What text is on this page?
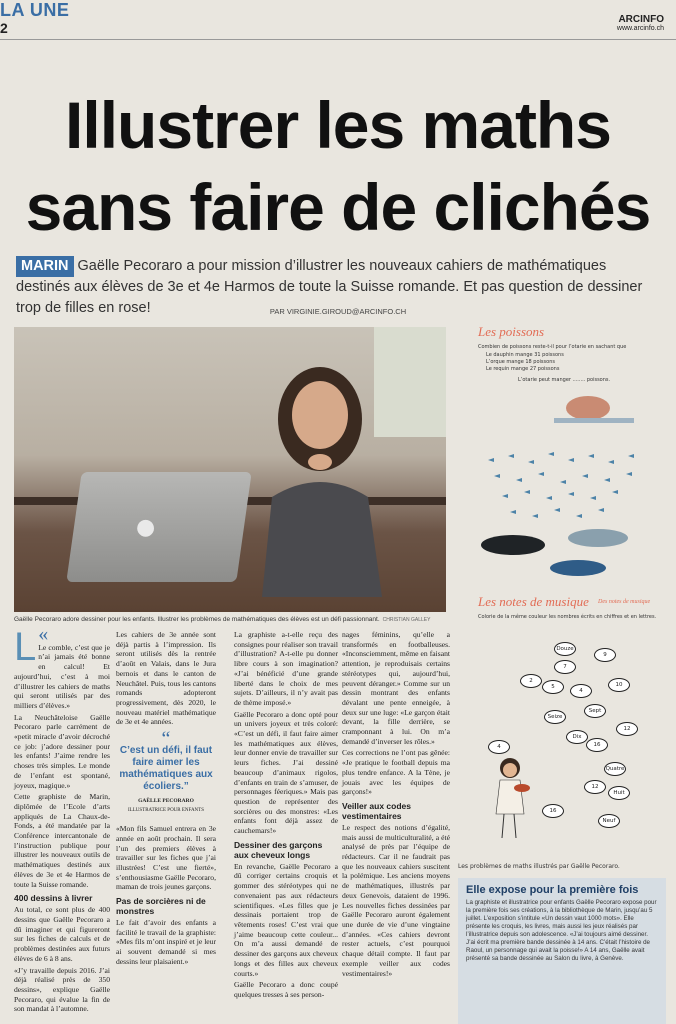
LA UNE
2
ARCINFO
www.arcinfo.ch
Illustrer les maths
sans faire de clichés
MARIN Gaëlle Pecoraro a pour mission d’illustrer les nouveaux cahiers de mathématiques destinés aux élèves de 3e et 4e Harmos de toute la Suisse romande. Et pas question de dessiner trop de filles en rose!	PAR VIRGINIE.GIROUD@ARCINFO.CH
●
Gaëlle Pecoraro adore dessiner pour les enfants. Illustrer les problèmes de mathématiques des élèves est un défi passionnant. CHRISTIAN GALLEY
Les poissons
Combien de poissons reste-t-il pour l’otarie en sachant que
Le dauphin mange 31 poissons
L’orque mange 18 poissons
Le requin mange 27 poissons
L’otarie peut manger ........ poissons.
Les notes de musique Des notes de musique
Colorie de la même couleur les nombres écrits en chiffres et en lettres.
Douze
7
9
2
5
4
10
Seize
Sept
Dix
16
12
4
Quatre
Huit
12
16
Neuf
Les problèmes de maths illustrés par Gaëlle Pecoraro.
«
L Le comble, c’est que je n’ai jamais été bonne en calcul! Et aujourd’hui, c’est à moi d’illustrer les cahiers de maths qui seront utilisés par des milliers d’élèves.»

La Neuchâteloise Gaëlle Pecoraro parle carrément de «petit miracle d’avoir décroché ce job: j’adore dessiner pour les enfants! J’aime rendre les choses très simples. Le monde de l’enfant est spontané, joyeux, magique.»

Cette graphiste de Marin, diplômée de l’Ecole d’arts appliqués de La Chaux-de-Fonds, a été mandatée par la Conférence intercantonale de l’instruction publique pour illustrer les nouveaux outils de mathématiques destinés aux élèves de 3e et 4e Harmos de toute la Suisse romande.

400 dessins à livrer

Au total, ce sont plus de 400 dessins que Gaëlle Pecoraro a dû imaginer et qui figureront sur les fiches de calculs et de problèmes destinées aux futurs élèves de 6 à 8 ans.

«J’y travaille depuis 2016. J’ai déjà réalisé près de 350 dessins», explique Gaëlle Pecoraro, qui évalue la fin de son mandat à l’automne.

Les cahiers de 3e année sont déjà partis à l’impression. Ils seront utilisés dès la rentrée d’août en Valais, dans le Jura bernois et dans le canton de Neuchâtel. Puis, tous les cantons romands adopteront progressivement, dès 2020, le nouveau matériel mathématique de 3e et 4e années.

“
C’est un défi, il faut faire aimer les mathématiques aux écoliers.”
GAËLLE PECORARO
ILLUSTRATRICE POUR ENFANTS

«Mon fils Samuel entrera en 3e année en août prochain. Il sera l’un des premiers élèves à travailler sur les fiches que j’ai illustrées! C’est une fierté», s’enthousiasme Gaëlle Pecoraro, maman de trois jeunes garçons.

Pas de sorcières ni de monstres

Le fait d’avoir des enfants a facilité le travail de la graphiste: «Mes fils m’ont inspiré et je leur ai souvent demandé si mes dessins leur plaisaient.»

La graphiste a-t-elle reçu des consignes pour réaliser son travail d’illustration? A-t-elle pu donner libre cours à son imagination? «J’ai bénéficié d’une grande liberté dans le choix de mes sujets. D’ailleurs, il n’y avait pas de thème imposé.»

Gaëlle Pecoraro a donc opté pour un univers joyeux et très coloré: «C’est un défi, il faut faire aimer les mathématiques aux élèves, leur donner envie de travailler sur leurs fiches. J’ai dessiné beaucoup d’animaux rigolos, d’enfants en train de s’amuser, de personnages féeriques.» Mais pas question de représenter des sorcières ou des monstres: «Les enfants font déjà assez de cauchemars!»

Dessiner des garçons aux cheveux longs

En revanche, Gaëlle Pecoraro a dû corriger certains croquis et gommer des stéréotypes qui ne convenaient pas aux rédacteurs scientifiques. «Les filles que je dessinais portaient trop de vêtements roses! C’est vrai que j’aime beaucoup cette couleur... On m’a aussi demandé de dessiner des garçons aux cheveux longs et des filles aux cheveux courts.»

Gaëlle Pecoraro a donc coupé quelques tresses à ses person-

nages féminins, qu’elle a transformés en footballeuses. «Inconsciemment, même en faisant attention, je reproduisais certains stéréotypes qui, aujourd’hui, peuvent déranger.» Comme sur un dessin montrant des enfants dévalant une pente enneigée, à deux sur une luge: «Le garçon était devant, la fille derrière, se cramponnant à lui. On m’a demandé d’inverser les rôles.»

Ces corrections ne l’ont pas gênée: «Je pratique le football depuis ma plus tendre enfance. A la Tène, je jouais avec les équipes de garçons!»

Veiller aux codes vestimentaires

Le respect des notions d’égalité, mais aussi de multiculturalité, a été analysé de près par l’équipe de rédacteurs. Car il ne faudrait pas que les nouveaux cahiers suscitent la polémique. Les anciens moyens de mathématiques, illustrés par deux Genevois, dataient de 1996. Les nouvelles fiches dessinées par Gaëlle Pecoraro auront également une durée de vie d’une vingtaine d’années. «Ces cahiers devront rester actuels, c’est pourquoi chaque détail compte. Il faut par exemple veiller aux codes vestimentaires!»

Elle expose pour la première fois
La graphiste et illustratrice pour enfants Gaëlle Pecoraro expose pour la première fois ses créations, à la bibliothèque de Marin, jusqu’au 5 juillet. L’exposition s’intitule «Un dessin vaut 1000 mots». Elle présente les croquis, les livres, mais aussi les jeux réalisés par l’illustratrice depuis son adolescence. «J’ai toujours aimé dessiner. J’ai écrit ma première bande dessinée à 14 ans. C’était l’histoire de Raoul, un personnage qui avait la poisse!» A 14 ans, Gaëlle avait présenté sa bande dessinée au Salon du livre, à Genève.
